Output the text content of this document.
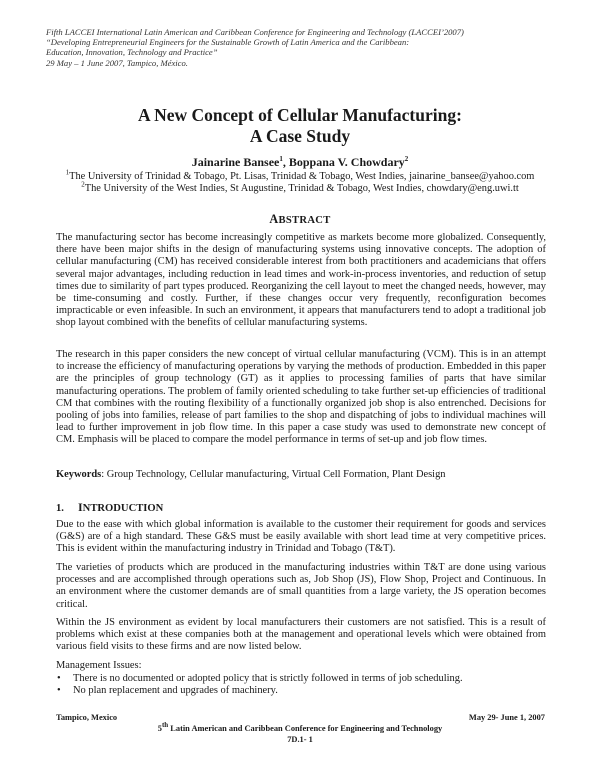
Fifth LACCEI International Latin American and Caribbean Conference for Engineering and Technology (LACCEI’2007)
“Developing Entrepreneurial Engineers for the Sustainable Growth of Latin America and the Caribbean:
Education, Innovation, Technology and Practice”
29 May – 1 June 2007, Tampico, México.
A New Concept of Cellular Manufacturing:
A Case Study
Jainarine Bansee$^1$, Boppana V. Chowdary$^2$
$^1$The University of Trinidad & Tobago, Pt. Lisas, Trinidad & Tobago, West Indies, jainarine_bansee@yahoo.com
$^2$The University of the West Indies, St Augustine, Trinidad & Tobago, West Indies, chowdary@eng.uwi.tt
ABSTRACT

The manufacturing sector has become increasingly competitive as markets become more globalized. Consequently, there have been major shifts in the design of manufacturing systems using innovative concepts. The adoption of cellular manufacturing (CM) has received considerable interest from both practitioners and academicians that offers several major advantages, including reduction in lead times and work-in-process inventories, and reduction of setup times due to similarity of part types produced. Reorganizing the cell layout to meet the changed needs, however, may be time-consuming and costly. Further, if these changes occur very frequently, reconfiguration becomes impracticable or even infeasible. In such an environment, it appears that manufacturers tend to adopt a traditional job shop layout combined with the benefits of cellular manufacturing systems.

The research in this paper considers the new concept of virtual cellular manufacturing (VCM). This is in an attempt to increase the efficiency of manufacturing operations by varying the methods of production. Embedded in this paper are the principles of group technology (GT) as it applies to processing families of parts that have similar manufacturing operations. The problem of family oriented scheduling to take further set-up efficiencies of traditional CM that combines with the routing flexibility of a functionally organized job shop is also entrenched. Decisions for pooling of jobs into families, release of part families to the shop and dispatching of jobs to individual machines will lead to further improvement in job flow time. In this paper a case study was used to demonstrate new concept of CM. Emphasis will be placed to compare the model performance in terms of set-up and job flow times.

Keywords: Group Technology, Cellular manufacturing, Virtual Cell Formation, Plant Design

1. INTRODUCTION

Due to the ease with which global information is available to the customer their requirement for goods and services (G&S) are of a high standard. These G&S must be easily available with short lead time at very competitive prices. This is evident within the manufacturing industry in Trinidad and Tobago (T&T).

The varieties of products which are produced in the manufacturing industries within T&T are done using various processes and are accomplished through operations such as, Job Shop (JS), Flow Shop, Project and Continuous. In an environment where the customer demands are of small quantities from a large variety, the JS operation becomes critical.

Within the JS environment as evident by local manufacturers their customers are not satisfied. This is a result of problems which exist at these companies both at the management and operational levels which were obtained from various field visits to these firms and are now listed below.

Management Issues:

• There is no documented or adopted policy that is strictly followed in terms of job scheduling.
• No plan replacement and upgrades of machinery.
Tampico, Mexico	May 29- June 1, 2007
5th Latin American and Caribbean Conference for Engineering and Technology
7D.1- 1
